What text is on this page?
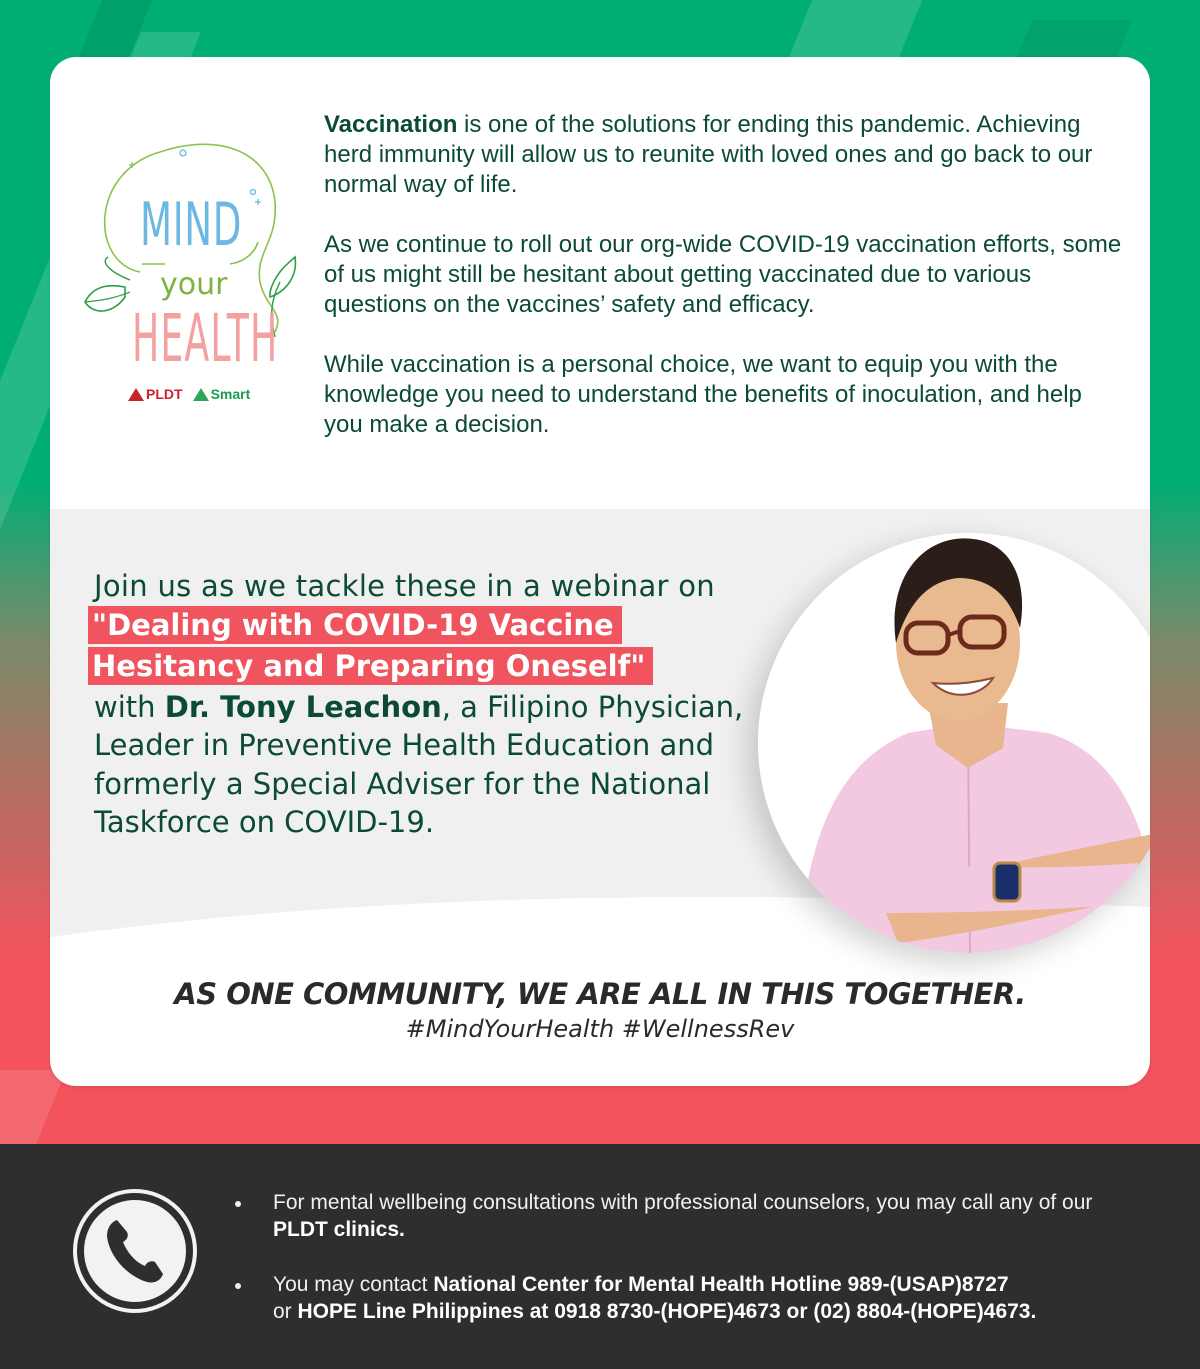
MIND
your
HEALTH
PLDT Smart

Vaccination is one of the solutions for ending this pandemic. Achieving herd immunity will allow us to reunite with loved ones and go back to our normal way of life.

As we continue to roll out our org-wide COVID-19 vaccination efforts, some of us might still be hesitant about getting vaccinated due to various questions on the vaccines’ safety and efficacy.

While vaccination is a personal choice, we want to equip you with the knowledge you need to understand the benefits of inoculation, and help you make a decision.

Join us as we tackle these in a webinar on
"Dealing with COVID-19 Vaccine
Hesitancy and Preparing Oneself"
with Dr. Tony Leachon, a Filipino Physician, Leader in Preventive Health Education and formerly a Special Adviser for the National Taskforce on COVID-19.
AS ONE COMMUNITY, WE ARE ALL IN THIS TOGETHER.
#MindYourHealth #WellnessRev
For mental wellbeing consultations with professional counselors, you may call any of our PLDT clinics.
You may contact National Center for Mental Health Hotline 989-(USAP)8727
or HOPE Line Philippines at 0918 8730-(HOPE)4673 or (02) 8804-(HOPE)4673.
